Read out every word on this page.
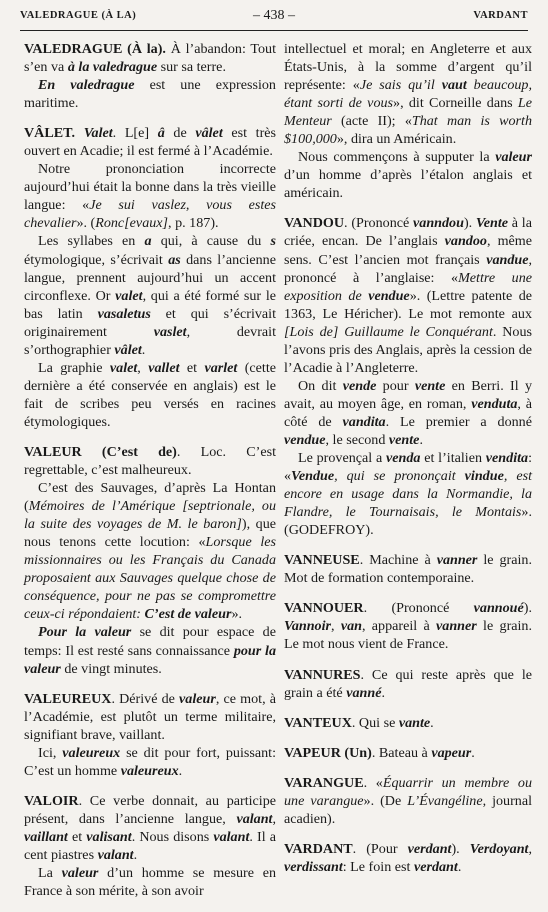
VALEDRAGUE (À LA)	– 438 –	VARDANT

VALEDRAGUE (À la). À l’abandon: Tout s’en va à la valedrague sur sa terre.

En valedrague est une expression maritime.

VÂLET. Valet. L[e] â de vâlet est très ouvert en Acadie; il est fermé à l’Académie.

Notre prononciation incorrecte aujourd’hui était la bonne dans la très vieille langue: «Je sui vaslez, vous estes chevalier». (Ronc[evaux], p. 187).

Les syllabes en a qui, à cause du s étymologique, s’écrivait as dans l’ancienne langue, prennent aujourd’hui un accent circonflexe. Or valet, qui a été formé sur le bas latin vasaletus et qui s’écrivait originairement vaslet, devrait s’orthographier vâlet.

La graphie valet, vallet et varlet (cette dernière a été conservée en anglais) est le fait de scribes peu versés en racines étymologiques.

VALEUR (C’est de). Loc. C’est regrettable, c’est malheureux.

C’est des Sauvages, d’après La Hontan (Mémoires de l’Amérique [septrionale, ou la suite des voyages de M. le baron]), que nous tenons cette locution: «Lorsque les missionnaires ou les Français du Canada proposaient aux Sauvages quelque chose de conséquence, pour ne pas se compromettre ceux-ci répondaient: C’est de valeur».

Pour la valeur se dit pour espace de temps: Il est resté sans connaissance pour la valeur de vingt minutes.

VALEUREUX. Dérivé de valeur, ce mot, à l’Académie, est plutôt un terme militaire, signifiant brave, vaillant.

Ici, valeureux se dit pour fort, puissant: C’est un homme valeureux.

VALOIR. Ce verbe donnait, au participe présent, dans l’ancienne langue, valant, vaillant et valisant. Nous disons valant. Il a cent piastres valant.

La valeur d’un homme se mesure en France à son mérite, à son avoir

intellectuel et moral; en Angleterre et aux États-Unis, à la somme d’argent qu’il représente: «Je sais qu’il vaut beaucoup, étant sorti de vous», dit Corneille dans Le Menteur (acte II); «That man is worth $100,000», dira un Américain.

Nous commençons à supputer la valeur d’un homme d’après l’étalon anglais et américain.

VANDOU. (Prononcé vanndou). Vente à la criée, encan. De l’anglais vandoo, même sens. C’est l’ancien mot français vandue, prononcé à l’anglaise: «Mettre une exposition de vendue». (Lettre patente de 1363, Le Héricher). Le mot remonte aux [Lois de] Guillaume le Conquérant. Nous l’avons pris des Anglais, après la cession de l’Acadie à l’Angleterre.

On dit vende pour vente en Berri. Il y avait, au moyen âge, en roman, venduta, à côté de vandita. Le premier a donné vendue, le second vente.

Le provençal a venda et l’italien vendita: «Vendue, qui se prononçait vindue, est encore en usage dans la Normandie, la Flandre, le Tournaisais, le Montais». (GODEFROY).

VANNEUSE. Machine à vanner le grain. Mot de formation contemporaine.

VANNOUER. (Prononcé vannoué). Vannoir, van, appareil à vanner le grain. Le mot nous vient de France.

VANNURES. Ce qui reste après que le grain a été vanné.

VANTEUX. Qui se vante.

VAPEUR (Un). Bateau à vapeur.

VARANGUE. «Équarrir un membre ou une varangue». (De L’Évangéline, journal acadien).

VARDANT. (Pour verdant). Verdoyant, verdissant: Le foin est verdant.
